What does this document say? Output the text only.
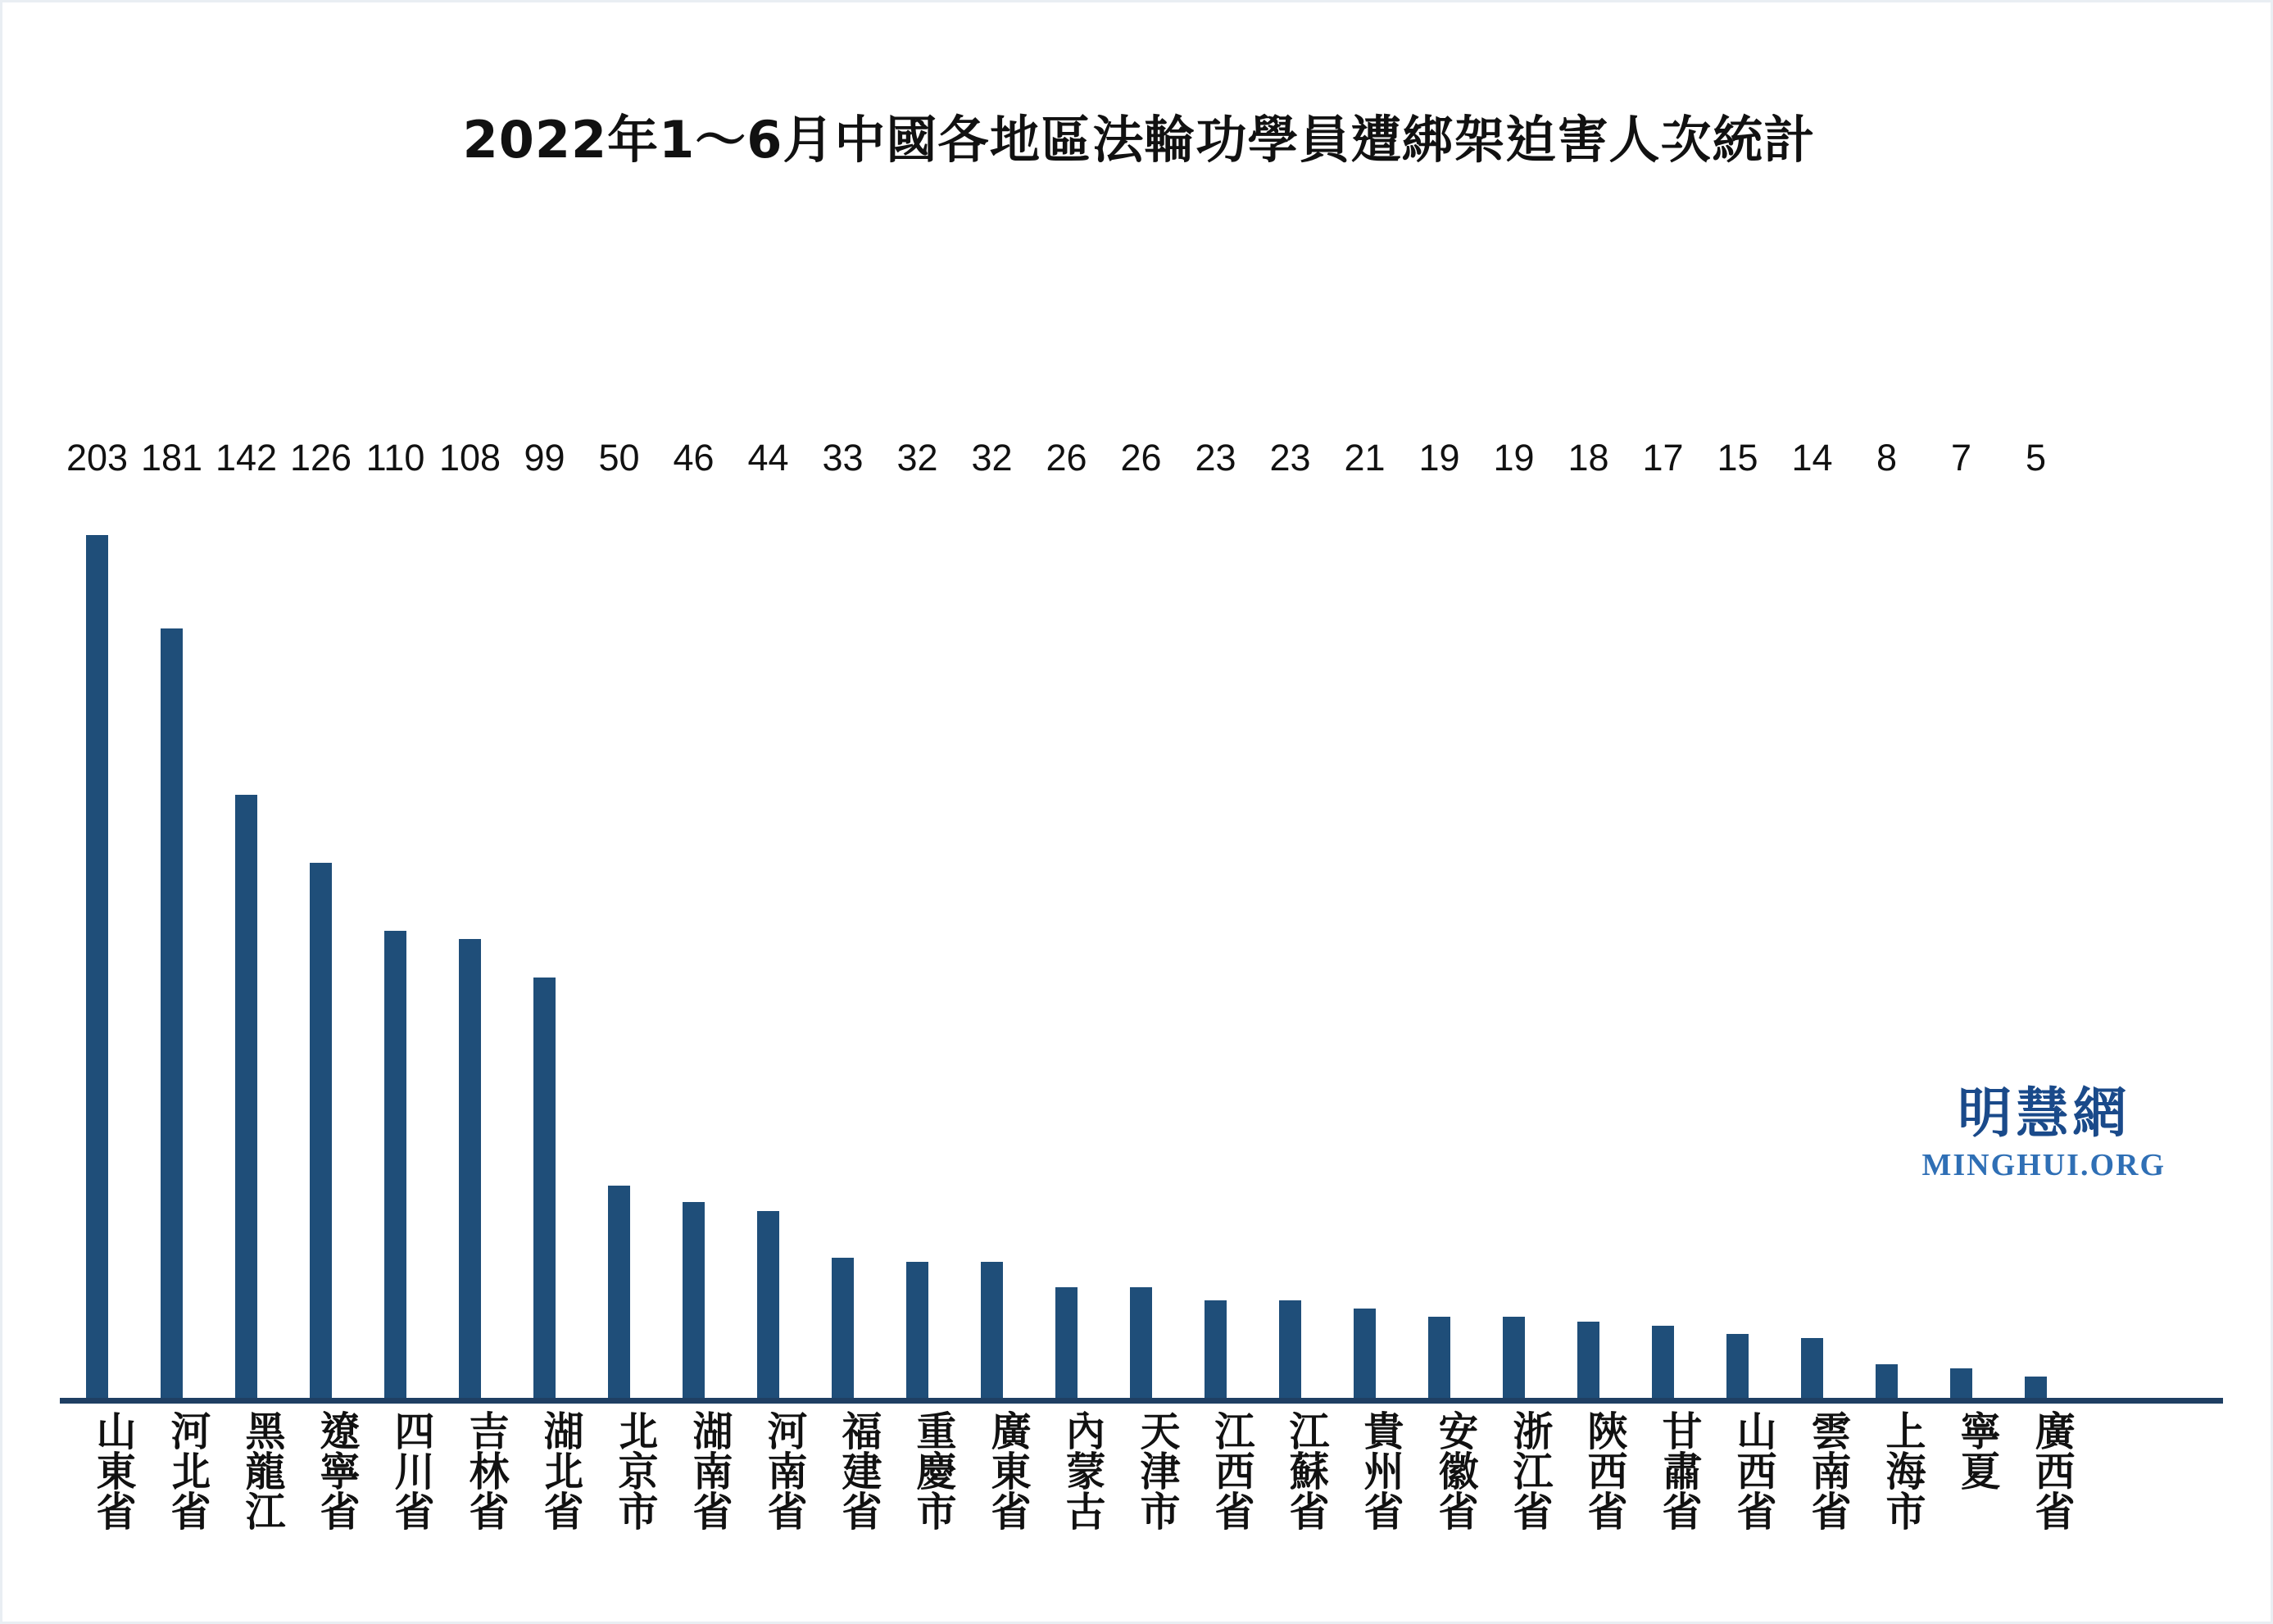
2022年1～6月中國各地區法輪功學員遭綁架迫害人次統計
203 181 142 126 110 108 99 50 46 44 33 32 32 26 26 23 23 21 19 19 18 17 15 14 8 7 5
山東省 河北省 黑龍江 遼寧省 四川省 吉林省 湖北省 北京市 湖南省 河南省 福建省 重慶市 廣東省 內蒙古 天津市 江西省 江蘇省 貴州省 安徽省 浙江省 陝西省 甘肅省 山西省 雲南省 上海市 寧夏 廣西省
明慧網
MINGHUI.ORG
